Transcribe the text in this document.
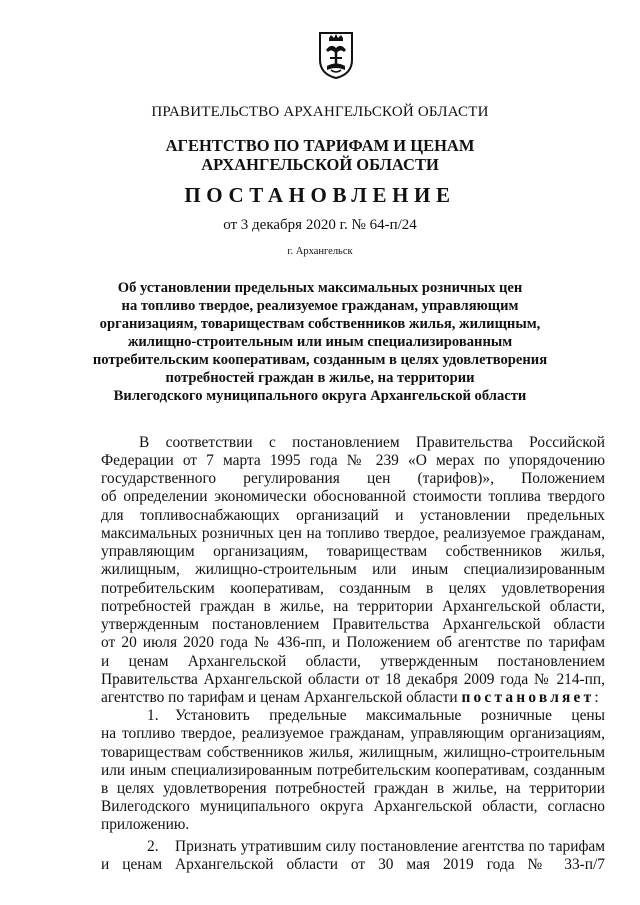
ПРАВИТЕЛЬСТВО АРХАНГЕЛЬСКОЙ ОБЛАСТИ
АГЕНТСТВО ПО ТАРИФАМ И ЦЕНАМ
АРХАНГЕЛЬСКОЙ ОБЛАСТИ
ПОСТАНОВЛЕНИЕ
от 3 декабря 2020 г. № 64-п/24
г. Архангельск
Об установлении предельных максимальных розничных цен
на топливо твердое, реализуемое гражданам, управляющим
организациям, товариществам собственников жилья, жилищным,
жилищно-строительным или иным специализированным
потребительским кооперативам, созданным в целях удовлетворения
потребностей граждан в жилье, на территории
Вилегодского муниципального округа Архангельской области
В соответствии с постановлением Правительства Российской
Федерации от 7 марта 1995 года № 239 «О мерах по упорядочению
государственного регулирования цен (тарифов)», Положением
об определении экономически обоснованной стоимости топлива твердого
для топливоснабжающих организаций и установлении предельных
максимальных розничных цен на топливо твердое, реализуемое гражданам,
управляющим организациям, товариществам собственников жилья,
жилищным, жилищно-строительным или иным специализированным
потребительским кооперативам, созданным в целях удовлетворения
потребностей граждан в жилье, на территории Архангельской области,
утвержденным постановлением Правительства Архангельской области
от 20 июля 2020 года № 436-пп, и Положением об агентстве по тарифам
и ценам Архангельской области, утвержденным постановлением
Правительства Архангельской области от 18 декабря 2009 года № 214-пп,
агентство по тарифам и ценам Архангельской области постановляет:
1. Установить предельные максимальные розничные цены
на топливо твердое, реализуемое гражданам, управляющим организациям,
товариществам собственников жилья, жилищным, жилищно-строительным
или иным специализированным потребительским кооперативам, созданным
в целях удовлетворения потребностей граждан в жилье, на территории
Вилегодского муниципального округа Архангельской области, согласно
приложению.
2. Признать утратившим силу постановление агентства по тарифам
и ценам Архангельской области от 30 мая 2019 года № 33-п/7
